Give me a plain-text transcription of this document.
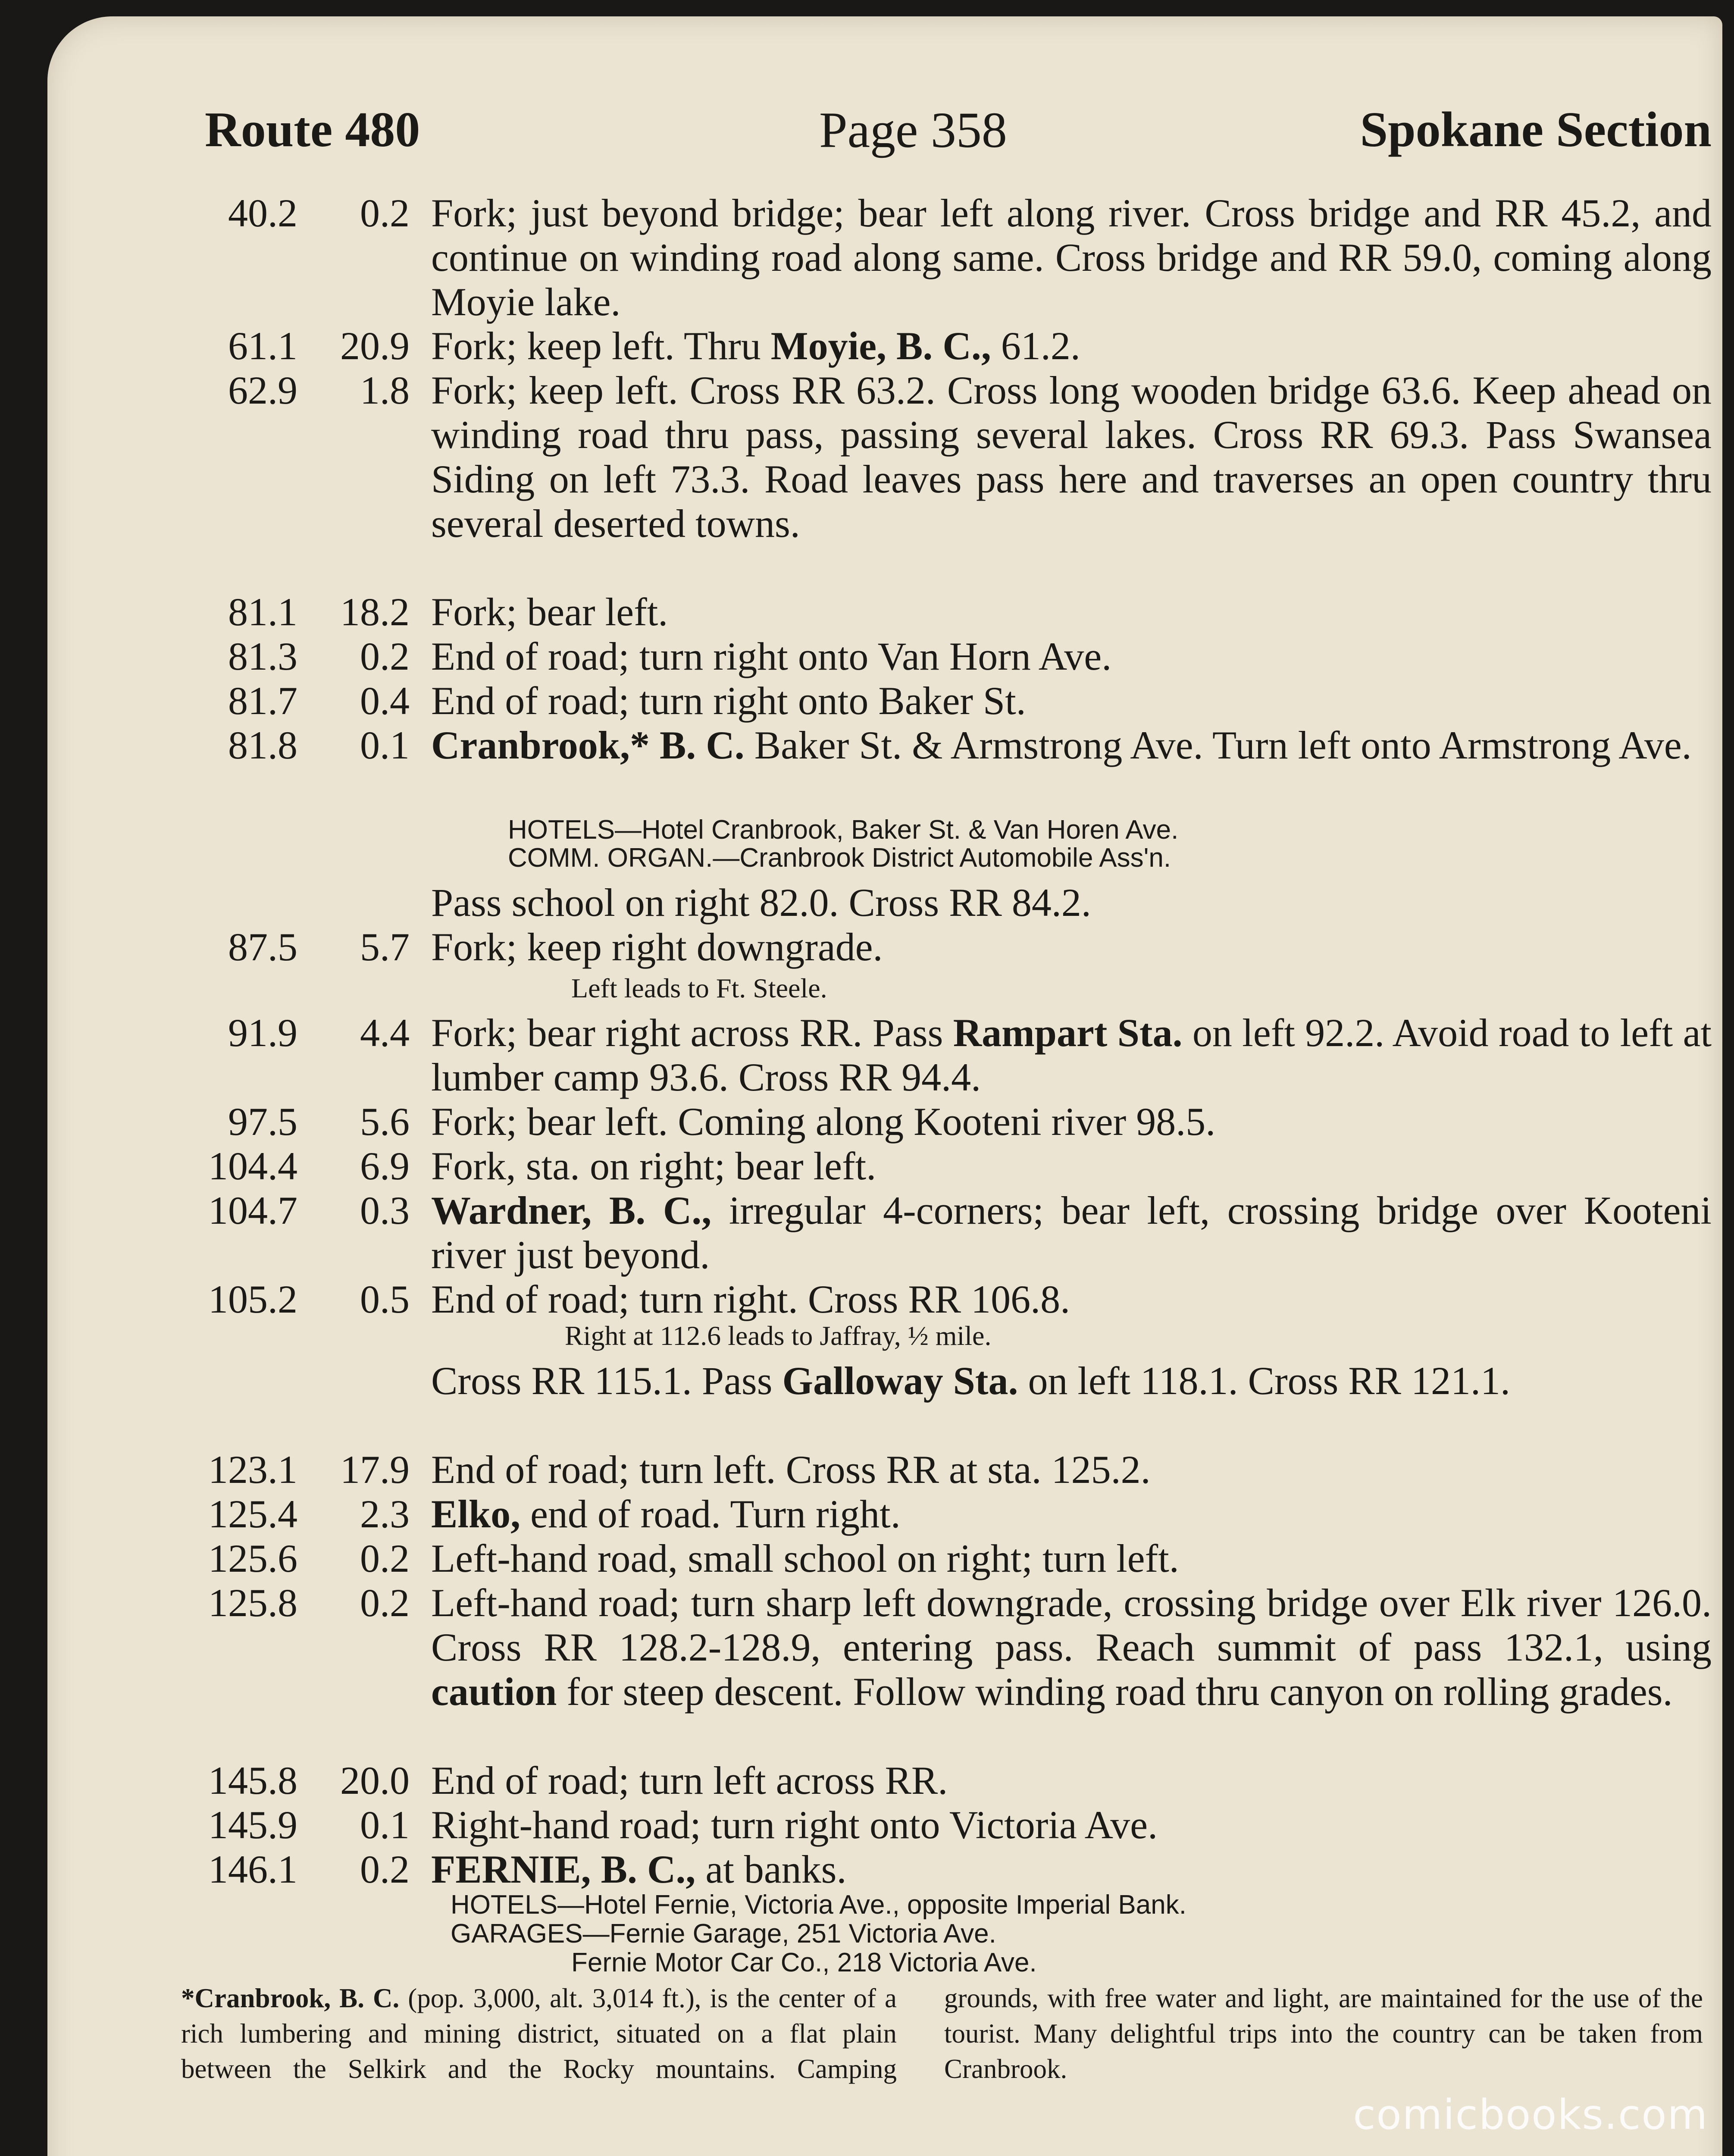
Route 480	Page 358	Spokane Section
40.2	0.2 Fork; just beyond bridge; bear left along river. Cross bridge and RR 45.2, and continue on winding road along same. Cross bridge and RR 59.0, coming along Moyie lake.
61.1	20.9 Fork; keep left. Thru Moyie, B. C., 61.2.
62.9	1.8 Fork; keep left. Cross RR 63.2. Cross long wooden bridge 63.6. Keep ahead on winding road thru pass, passing several lakes. Cross RR 69.3. Pass Swansea Siding on left 73.3. Road leaves pass here and traverses an open country thru several deserted towns.
81.1	18.2 Fork; bear left.
81.3	0.2 End of road; turn right onto Van Horn Ave.
81.7	0.4 End of road; turn right onto Baker St.
81.8	0.1 Cranbrook,* B. C. Baker St. & Armstrong Ave. Turn left onto Armstrong Ave.
HOTELS—Hotel Cranbrook, Baker St. & Van Horen Ave.
COMM. ORGAN.—Cranbrook District Automobile Ass'n.
Pass school on right 82.0. Cross RR 84.2.
87.5	5.7 Fork; keep right downgrade.
Left leads to Ft. Steele.
91.9	4.4 Fork; bear right across RR. Pass Rampart Sta. on left 92.2. Avoid road to left at lumber camp 93.6. Cross RR 94.4.
97.5	5.6 Fork; bear left. Coming along Kooteni river 98.5.
104.4	6.9 Fork, sta. on right; bear left.
104.7	0.3 Wardner, B. C., irregular 4-corners; bear left, crossing bridge over Kooteni river just beyond.
105.2	0.5 End of road; turn right. Cross RR 106.8.
Right at 112.6 leads to Jaffray, ½ mile.
Cross RR 115.1. Pass Galloway Sta. on left 118.1. Cross RR 121.1.
123.1	17.9 End of road; turn left. Cross RR at sta. 125.2.
125.4	2.3 Elko, end of road. Turn right.
125.6	0.2 Left-hand road, small school on right; turn left.
125.8	0.2 Left-hand road; turn sharp left downgrade, crossing bridge over Elk river 126.0. Cross RR 128.2-128.9, entering pass. Reach summit of pass 132.1, using caution for steep descent. Follow winding road thru canyon on rolling grades.
145.8	20.0 End of road; turn left across RR.
145.9	0.1 Right-hand road; turn right onto Victoria Ave.
146.1	0.2 FERNIE, B. C., at banks.
HOTELS—Hotel Fernie, Victoria Ave., opposite Imperial Bank.
GARAGES—Fernie Garage, 251 Victoria Ave.
Fernie Motor Car Co., 218 Victoria Ave.
*Cranbrook, B. C. (pop. 3,000, alt. 3,014 ft.), is the center of a rich lumbering and mining district, situated on a flat plain between the Selkirk and the Rocky mountains. Camping
grounds, with free water and light, are maintained for the use of the tourist. Many delightful trips into the country can be taken from Cranbrook.
comicbooks.com
